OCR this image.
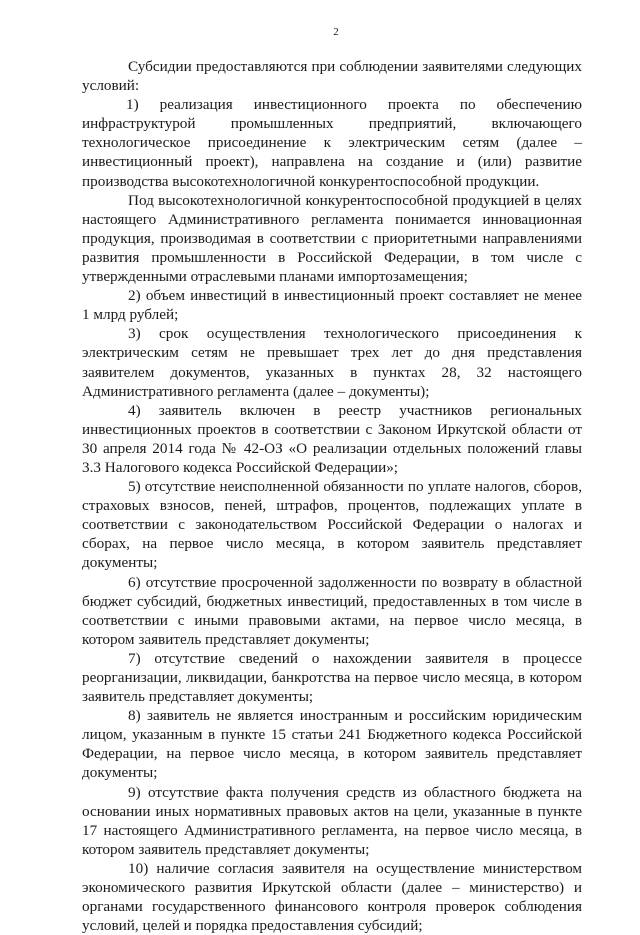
2

Субсидии предоставляются при соблюдении заявителями следующих условий:

1) реализация инвестиционного проекта по обеспечению инфраструктурой промышленных предприятий, включающего технологическое присоединение к электрическим сетям (далее – инвестиционный проект), направлена на создание и (или) развитие производства высокотехнологичной конкурентоспособной продукции.

Под высокотехнологичной конкурентоспособной продукцией в целях настоящего Административного регламента понимается инновационная продукция, производимая в соответствии с приоритетными направлениями развития промышленности в Российской Федерации, в том числе с утвержденными отраслевыми планами импортозамещения;

2) объем инвестиций в инвестиционный проект составляет не менее 1 млрд рублей;

3) срок осуществления технологического присоединения к электрическим сетям не превышает трех лет до дня представления заявителем документов, указанных в пунктах 28, 32 настоящего Административного регламента (далее – документы);

4) заявитель включен в реестр участников региональных инвестиционных проектов в соответствии с Законом Иркутской области от 30 апреля 2014 года № 42-ОЗ «О реализации отдельных положений главы 3.3 Налогового кодекса Российской Федерации»;

5) отсутствие неисполненной обязанности по уплате налогов, сборов, страховых взносов, пеней, штрафов, процентов, подлежащих уплате в соответствии с законодательством Российской Федерации о налогах и сборах, на первое число месяца, в котором заявитель представляет документы;

6) отсутствие просроченной задолженности по возврату в областной бюджет субсидий, бюджетных инвестиций, предоставленных в том числе в соответствии с иными правовыми актами, на первое число месяца, в котором заявитель представляет документы;

7) отсутствие сведений о нахождении заявителя в процессе реорганизации, ликвидации, банкротства на первое число месяца, в котором заявитель представляет документы;

8) заявитель не является иностранным и российским юридическим лицом, указанным в пункте 15 статьи 241 Бюджетного кодекса Российской Федерации, на первое число месяца, в котором заявитель представляет документы;

9) отсутствие факта получения средств из областного бюджета на основании иных нормативных правовых актов на цели, указанные в пункте 17 настоящего Административного регламента, на первое число месяца, в котором заявитель представляет документы;

10) наличие согласия заявителя на осуществление министерством экономического развития Иркутской области (далее – министерство) и органами государственного финансового контроля проверок соблюдения условий, целей и порядка предоставления субсидий;
